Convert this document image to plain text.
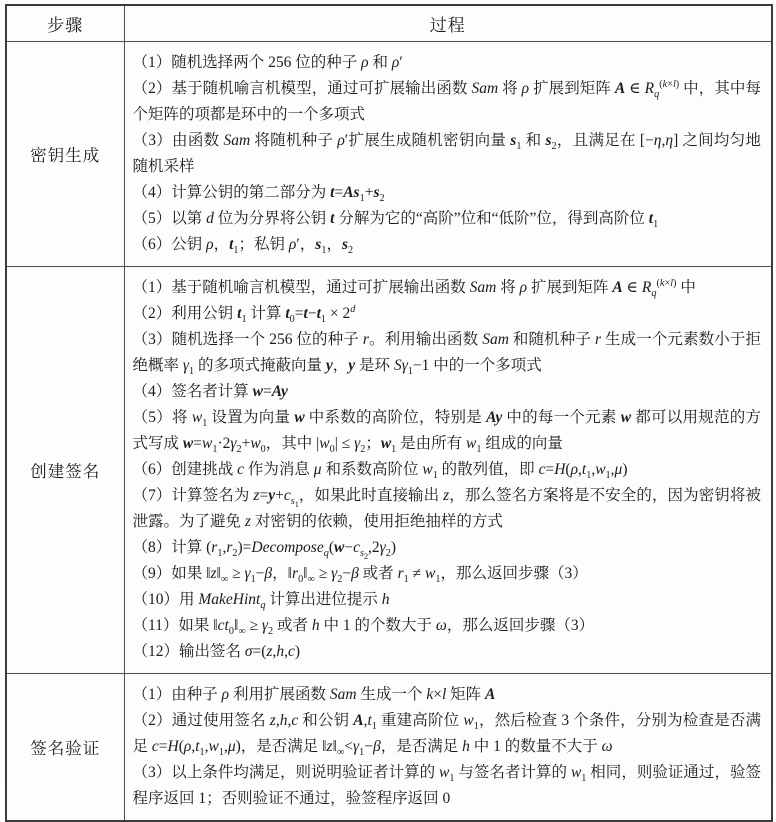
步骤	过程
密钥生成	
（1）随机选择两个 256 位的种子 ρ 和 ρ′
（2）基于随机喻言机模型，通过可扩展输出函数 Sam 将 ρ 扩展到矩阵 A ∈ $R_q^{(k\times l)}$ 中，其中每个矩阵的项都是环中的一个多项式
（3）由函数 Sam 将随机种子 ρ′扩展生成随机密钥向量 $s_1$ 和 $s_2$，且满足在 [−η,η] 之间均匀地随机采样
（4）计算公钥的第二部分为 $t=As_1+s_2$
（5）以第 d 位为分界将公钥 t 分解为它的“高阶”位和“低阶”位，得到高阶位 $t_1$
（6）公钥 ρ，$t_1$；私钥 ρ′，$s_1$，$s_2$

创建签名	
（1）基于随机喻言机模型，通过可扩展输出函数 Sam 将 ρ 扩展到矩阵 A ∈ $R_q^{(k\times l)}$ 中
（2）利用公钥 $t_1$ 计算 $t_0=t-t_1 \times 2^d$
（3）随机选择一个 256 位的种子 r。利用输出函数 Sam 和随机种子 r 生成一个元素数小于拒绝概率 $\gamma_1$ 的多项式掩蔽向量 y，y 是环 $S\gamma_1-1$ 中的一个多项式
（4）签名者计算 w=Ay
（5）将 $w_1$ 设置为向量 w 中系数的高阶位，特别是 Ay 中的每一个元素 w 都可以用规范的方式写成 $w=w_1\cdot 2\gamma_2+w_0$，其中 $|w_0| \le \gamma_2$；$w_1$ 是由所有 $w_1$ 组成的向量
（6）创建挑战 c 作为消息 μ 和系数高阶位 $w_1$ 的散列值，即 $c=H(\rho,t_1,w_1,\mu)$
（7）计算签名为 $z=y+c_{s_1}$，如果此时直接输出 z，那么签名方案将是不安全的，因为密钥将被泄露。为了避免 z 对密钥的依赖，使用拒绝抽样的方式
（8）计算 $(r_1,r_2)=Decompose_q(w-c_{s_2},2\gamma_2)$
（9）如果 $‖z‖_\infty \ge \gamma_1-\beta$，$‖r_0‖_\infty \ge \gamma_2-\beta$ 或者 $r_1 \ne w_1$，那么返回步骤（3）
（10）用 MakeHint$_q$ 计算出进位提示 h
（11）如果 $‖ct_0‖_\infty \ge \gamma_2$ 或者 h 中 1 的个数大于 ω，那么返回步骤（3）
（12）输出签名 σ=(z,h,c)

签名验证	（1）由种子 ρ 利用扩展函数 Sam 生成一个 k×l 矩阵 A
（2）通过使用签名 z,h,c 和公钥 $A,t_1$ 重建高阶位 $w_1$，然后检查 3 个条件，分别为检查是否满足 $c=H(\rho,t_1,w_1,\mu)$，是否满足 $‖z‖_\infty<\gamma_1-\beta$，是否满足 h 中 1 的数量不大于 ω
（3）以上条件均满足，则说明验证者计算的 $w_1$ 与签名者计算的 $w_1$ 相同，则验证通过，验签程序返回 1；否则验证不通过，验签程序返回 0
